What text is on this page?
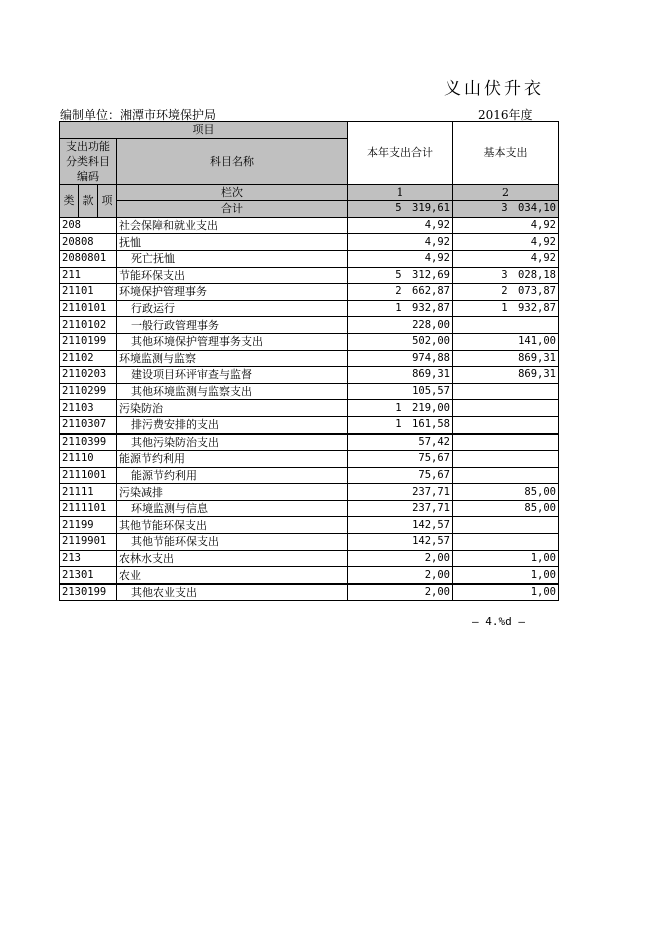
义山伏升衣
编制单位：湘潭市环境保护局	2016年度
项目				本年支出合计	基本支出
支出功能分类科目编码			科目名称		

类	款	项	栏次	1	2
			合计	5　319,61	3　034,10
208			社会保障和就业支出	4,92	4,92
20808			抚恤	4,92	4,92
2080801			死亡抚恤	4,92	4,92
211			节能环保支出	5　312,69	3　028,18
21101			环境保护管理事务	2　662,87	2　073,87
2110101			行政运行	1　932,87	1　932,87
2110102			一般行政管理事务	228,00	
2110199			其他环境保护管理事务支出	502,00	141,00
21102			环境监测与监察	974,88	869,31
2110203			建设项目环评审查与监督	869,31	869,31
2110299			其他环境监测与监察支出	105,57	
21103			污染防治	1　219,00	
2110307			排污费安排的支出	1　161,58	
2110399			其他污染防治支出	57,42	
21110			能源节约利用	75,67	
2111001			能源节约利用	75,67	
21111			污染减排	237,71	85,00
2111101			环境监测与信息	237,71	85,00
21199			其他节能环保支出	142,57	
2119901			其他节能环保支出	142,57	
213			农林水支出	2,00	1,00
21301			农业	2,00	1,00
2130199			其他农业支出	2,00	1,00
— 4.%d —
